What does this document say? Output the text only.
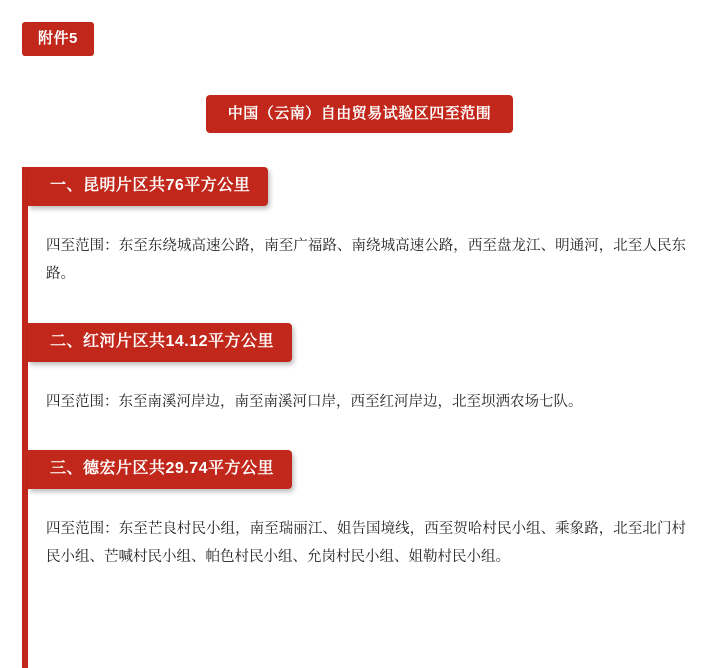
附件5
中国（云南）自由贸易试验区四至范围
一、昆明片区共76平方公里
四至范围：东至东绕城高速公路，南至广福路、南绕城高速公路，西至盘龙江、明通河，北至人民东路。
二、红河片区共14.12平方公里
四至范围：东至南溪河岸边，南至南溪河口岸，西至红河岸边，北至坝洒农场七队。
三、德宏片区共29.74平方公里
四至范围：东至芒良村民小组，南至瑞丽江、姐告国境线，西至贺哈村民小组、乘象路，北至北门村民小组、芒喊村民小组、帕色村民小组、允岗村民小组、姐勒村民小组。
